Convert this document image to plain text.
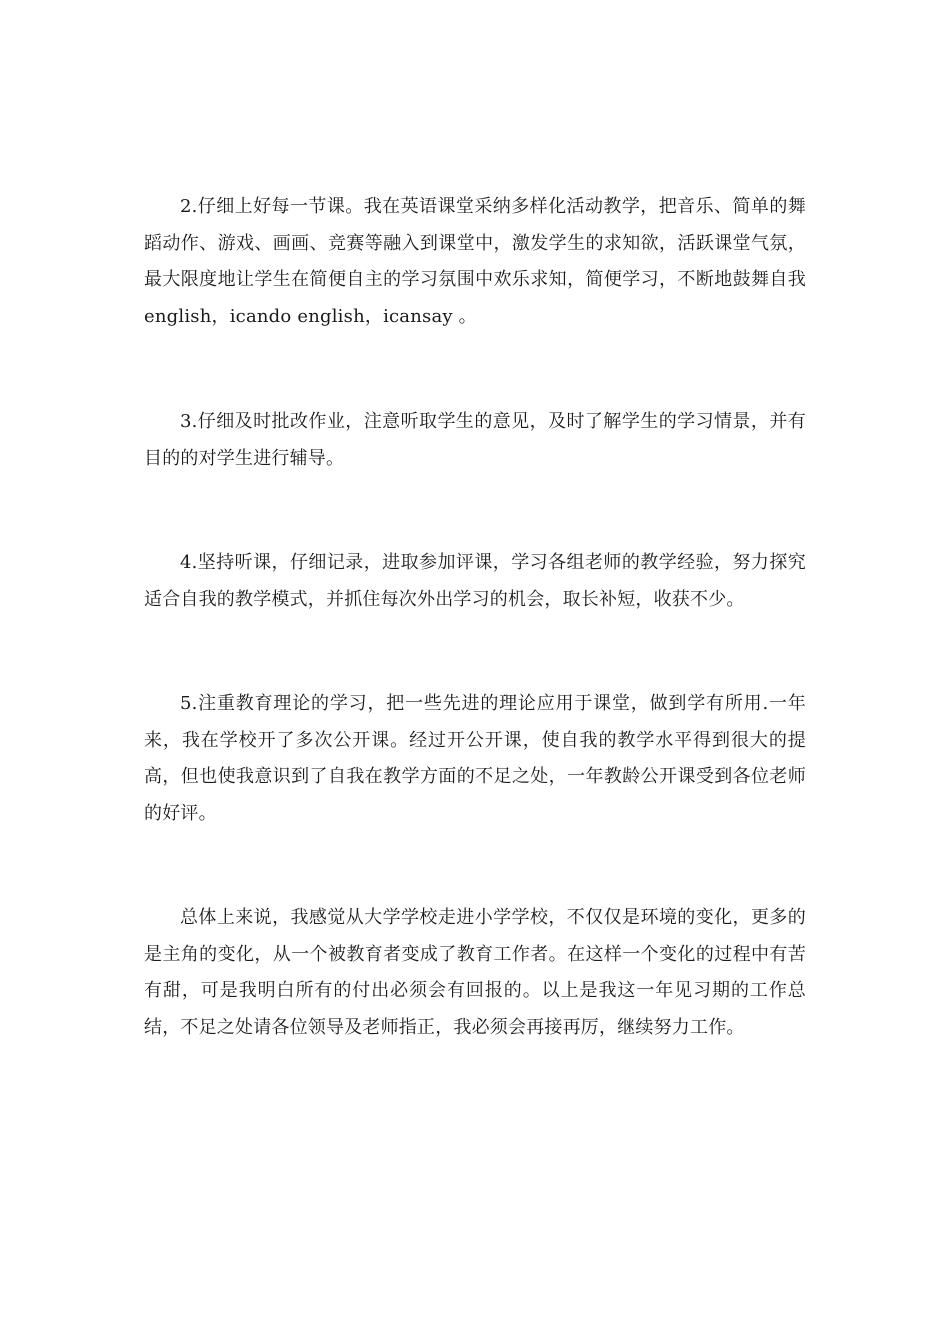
2.仔细上好每一节课。我在英语课堂采纳多样化活动教学，把音乐、简单的舞蹈动作、游戏、画画、竞赛等融入到课堂中，激发学生的求知欲，活跃课堂气氛，最大限度地让学生在简便自主的学习氛围中欢乐求知，简便学习，不断地鼓舞自我 english，icando english，icansay 。

3.仔细及时批改作业，注意听取学生的意见，及时了解学生的学习情景，并有目的的对学生进行辅导。

4.坚持听课，仔细记录，进取参加评课，学习各组老师的教学经验，努力探究适合自我的教学模式，并抓住每次外出学习的机会，取长补短，收获不少。

5.注重教育理论的学习，把一些先进的理论应用于课堂，做到学有所用.一年来，我在学校开了多次公开课。经过开公开课，使自我的教学水平得到很大的提高，但也使我意识到了自我在教学方面的不足之处，一年教龄公开课受到各位老师的好评。

总体上来说，我感觉从大学学校走进小学学校，不仅仅是环境的变化，更多的是主角的变化，从一个被教育者变成了教育工作者。在这样一个变化的过程中有苦有甜，可是我明白所有的付出必须会有回报的。以上是我这一年见习期的工作总结，不足之处请各位领导及老师指正，我必须会再接再厉，继续努力工作。
